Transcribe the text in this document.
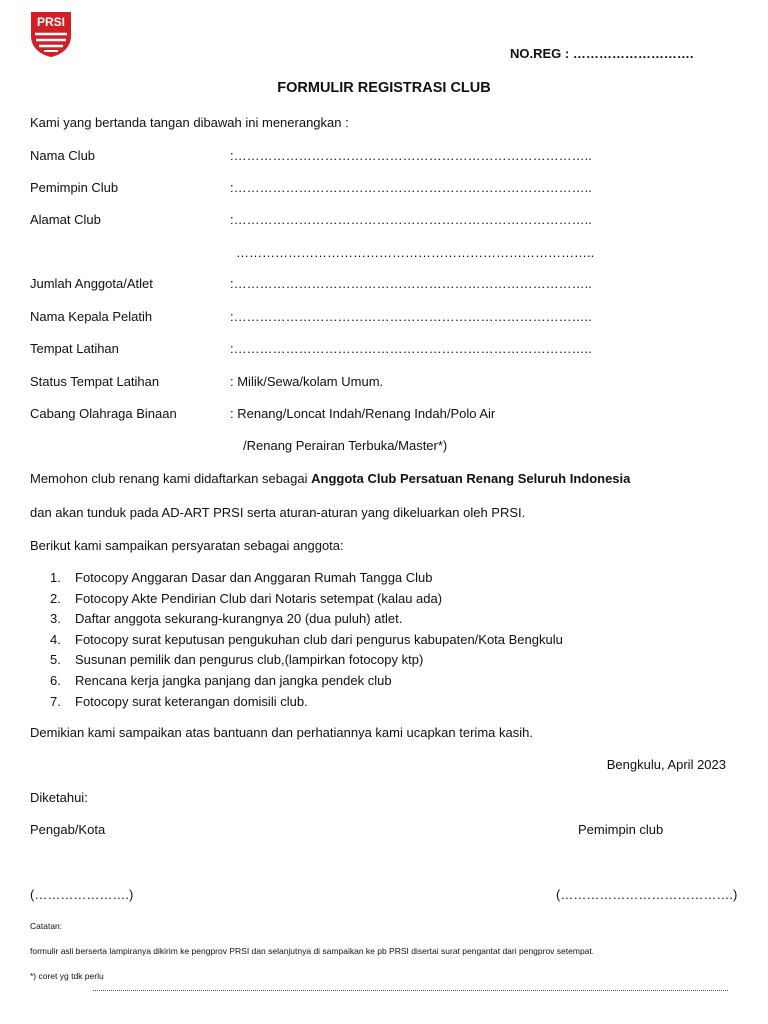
PRSI
NO.REG : ……………………….
FORMULIR REGISTRASI CLUB
Kami yang bertanda tangan dibawah ini menerangkan :
Nama Club	:………………………………………………………………………..
Pemimpin Club	:………………………………………………………………………..
Alamat Club	:………………………………………………………………………..
………………………………………………………………………..
Jumlah Anggota/Atlet	:………………………………………………………………………..
Nama Kepala Pelatih	:………………………………………………………………………..
Tempat Latihan	:………………………………………………………………………..
Status Tempat Latihan	: Milik/Sewa/kolam Umum.
Cabang Olahraga Binaan	: Renang/Loncat Indah/Renang Indah/Polo Air
/Renang Perairan Terbuka/Master*)
Memohon club renang kami didaftarkan sebagai Anggota Club Persatuan Renang Seluruh Indonesia
dan akan tunduk pada AD-ART PRSI serta aturan-aturan yang dikeluarkan oleh PRSI.
Berikut kami sampaikan persyaratan sebagai anggota:
1. Fotocopy Anggaran Dasar dan Anggaran Rumah Tangga Club
2. Fotocopy Akte Pendirian Club dari Notaris setempat (kalau ada)
3. Daftar anggota sekurang-kurangnya 20 (dua puluh) atlet.
4. Fotocopy surat keputusan pengukuhan club dari pengurus kabupaten/Kota Bengkulu
5. Susunan pemilik dan pengurus club,(lampirkan fotocopy ktp)
6. Rencana kerja jangka panjang dan jangka pendek club
7. Fotocopy surat keterangan domisili club.
Demikian kami sampaikan atas bantuann dan perhatiannya kami ucapkan terima kasih.
Bengkulu, April 2023
Diketahui:
Pengab/Kota	Pemimpin club
(………………….)	(………………………………….)
Catatan:
formulir asli berserta lampiranya dikirim ke pengprov PRSI dan selanjutnya di sampaikan ke pb PRSI disertai surat pengantat dari pengprov setempat.
*) coret yg tdk perlu
